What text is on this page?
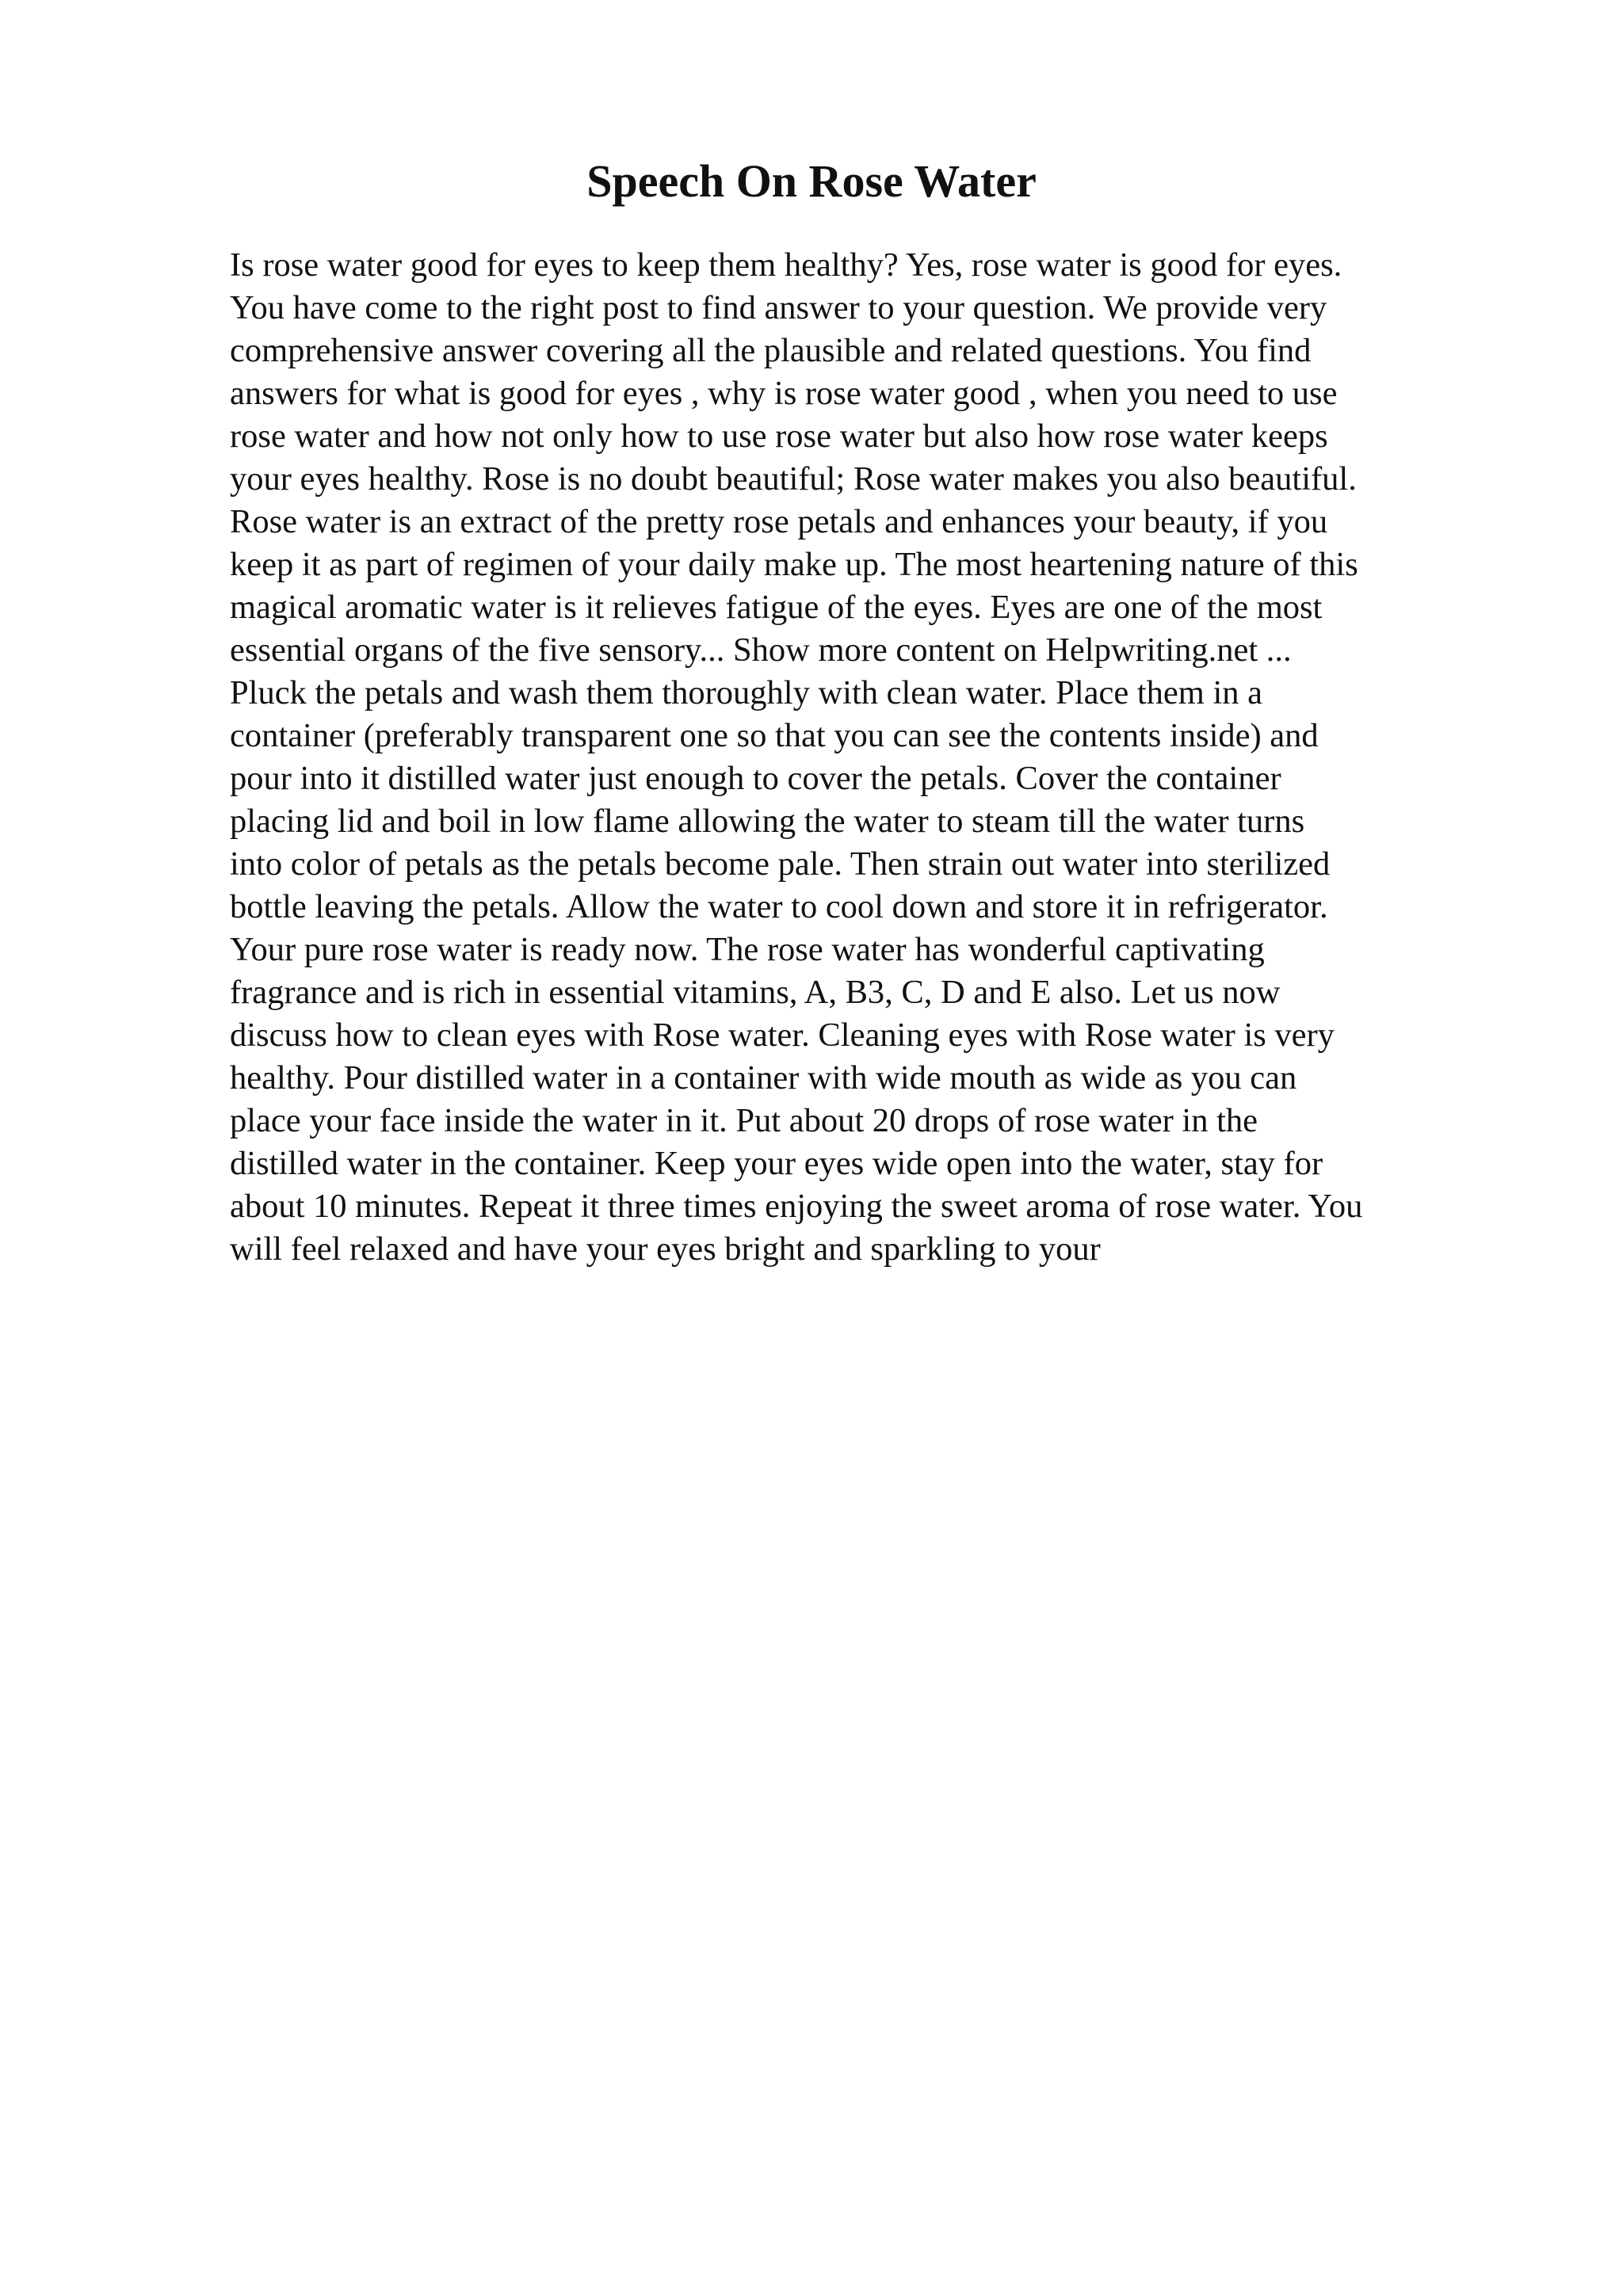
Speech On Rose Water
Is rose water good for eyes to keep them healthy? Yes, rose water is good for eyes.
You have come to the right post to find answer to your question. We provide very
comprehensive answer covering all the plausible and related questions. You find
answers for what is good for eyes , why is rose water good , when you need to use
rose water and how not only how to use rose water but also how rose water keeps
your eyes healthy. Rose is no doubt beautiful; Rose water makes you also beautiful.
Rose water is an extract of the pretty rose petals and enhances your beauty, if you
keep it as part of regimen of your daily make up. The most heartening nature of this
magical aromatic water is it relieves fatigue of the eyes. Eyes are one of the most
essential organs of the five sensory... Show more content on Helpwriting.net ...
Pluck the petals and wash them thoroughly with clean water. Place them in a
container (preferably transparent one so that you can see the contents inside) and
pour into it distilled water just enough to cover the petals. Cover the container
placing lid and boil in low flame allowing the water to steam till the water turns
into color of petals as the petals become pale. Then strain out water into sterilized
bottle leaving the petals. Allow the water to cool down and store it in refrigerator.
Your pure rose water is ready now. The rose water has wonderful captivating
fragrance and is rich in essential vitamins, A, B3, C, D and E also. Let us now
discuss how to clean eyes with Rose water. Cleaning eyes with Rose water is very
healthy. Pour distilled water in a container with wide mouth as wide as you can
place your face inside the water in it. Put about 20 drops of rose water in the
distilled water in the container. Keep your eyes wide open into the water, stay for
about 10 minutes. Repeat it three times enjoying the sweet aroma of rose water. You
will feel relaxed and have your eyes bright and sparkling to your
